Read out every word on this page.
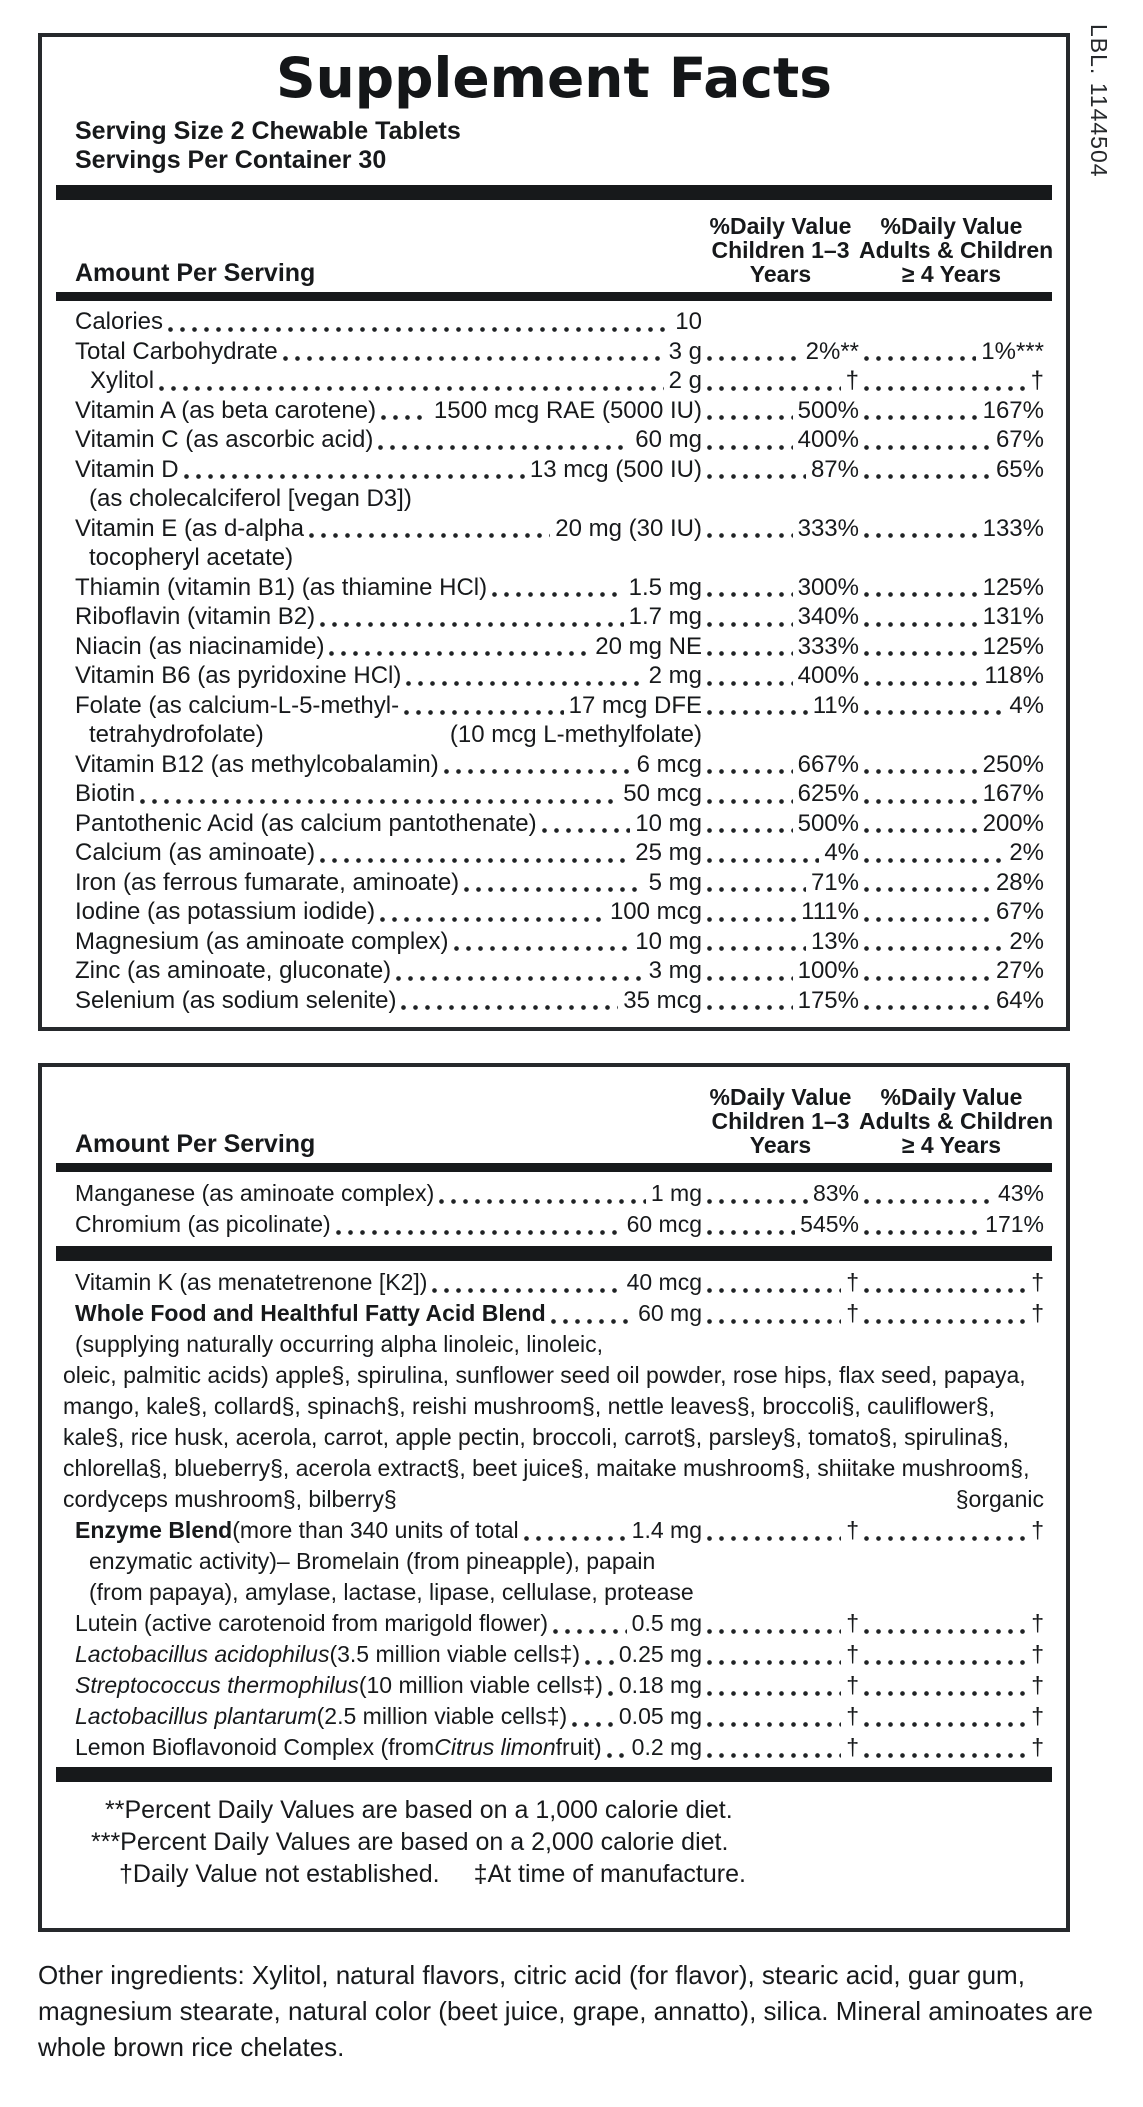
LBL. 1144504
Supplement Facts
Serving Size 2 Chewable Tablets
Servings Per Container 30
Amount Per Serving
%Daily Value
Children 1–3
Years
%Daily Value
Adults & Children
≥ 4 Years
Calories	10
Total Carbohydrate	3 g	2%**	1%***
Xylitol	2 g	†	†
Vitamin A (as beta carotene) 1500 mcg RAE (5000 IU)	500%	167%
Vitamin C (as ascorbic acid)	60 mg	400%	67%
Vitamin D	13 mcg (500 IU)	87%	65%
(as cholecalciferol [vegan D3])
Vitamin E (as d-alpha	20 mg (30 IU)	333%	133%
tocopheryl acetate)
Thiamin (vitamin B1) (as thiamine HCl)	1.5 mg	300%	125%
Riboflavin (vitamin B2)	1.7 mg	340%	131%
Niacin (as niacinamide)	20 mg NE	333%	125%
Vitamin B6 (as pyridoxine HCl)	2 mg	400%	118%
Folate (as calcium-L-5-methyl-	17 mcg DFE	11%	4%
tetrahydrofolate)	(10 mcg L-methylfolate)
Vitamin B12 (as methylcobalamin)	6 mcg	667%	250%
Biotin	50 mcg	625%	167%
Pantothenic Acid (as calcium pantothenate)	10 mg	500%	200%
Calcium (as aminoate)	25 mg	4%	2%
Iron (as ferrous fumarate, aminoate)	5 mg	71%	28%
Iodine (as potassium iodide)	100 mcg	111%	67%
Magnesium (as aminoate complex)	10 mg	13%	2%
Zinc (as aminoate, gluconate)	3 mg	100%	27%
Selenium (as sodium selenite)	35 mcg	175%	64%
Amount Per Serving
%Daily Value
Children 1–3
Years
%Daily Value
Adults & Children
≥ 4 Years
Manganese (as aminoate complex)	1 mg	83%	43%
Chromium (as picolinate)	60 mcg	545%	171%
Vitamin K (as menatetrenone [K2])	40 mcg	†	†
Whole Food and Healthful Fatty Acid Blend	60 mg	†	†
(supplying naturally occurring alpha linoleic, linoleic,
oleic, palmitic acids) apple§, spirulina, sunflower seed oil powder, rose hips, flax seed, papaya, mango, kale§, collard§, spinach§, reishi mushroom§, nettle leaves§, broccoli§, cauliflower§, kale§, rice husk, acerola, carrot, apple pectin, broccoli, carrot§, parsley§, tomato§, spirulina§, chlorella§, blueberry§, acerola extract§, beet juice§, maitake mushroom§, shiitake mushroom§,
cordyceps mushroom§, bilberry§	§organic
Enzyme Blend (more than 340 units of total	1.4 mg	†	†
enzymatic activity)– Bromelain (from pineapple), papain
(from papaya), amylase, lactase, lipase, cellulase, protease
Lutein (active carotenoid from marigold flower)	0.5 mg	†	†
Lactobacillus acidophilus (3.5 million viable cells‡) 0.25 mg	†	†
Streptococcus thermophilus (10 million viable cells‡) 0.18 mg	†	†
Lactobacillus plantarum (2.5 million viable cells‡) 0.05 mg	†	†
Lemon Bioflavonoid Complex (from Citrus limon fruit) 0.2 mg	†	†
**Percent Daily Values are based on a 1,000 calorie diet.
***Percent Daily Values are based on a 2,000 calorie diet.
†Daily Value not established. ‡At time of manufacture.
Other ingredients: Xylitol, natural flavors, citric acid (for flavor), stearic acid, guar gum, magnesium stearate, natural color (beet juice, grape, annatto), silica. Mineral aminoates are whole brown rice chelates.
